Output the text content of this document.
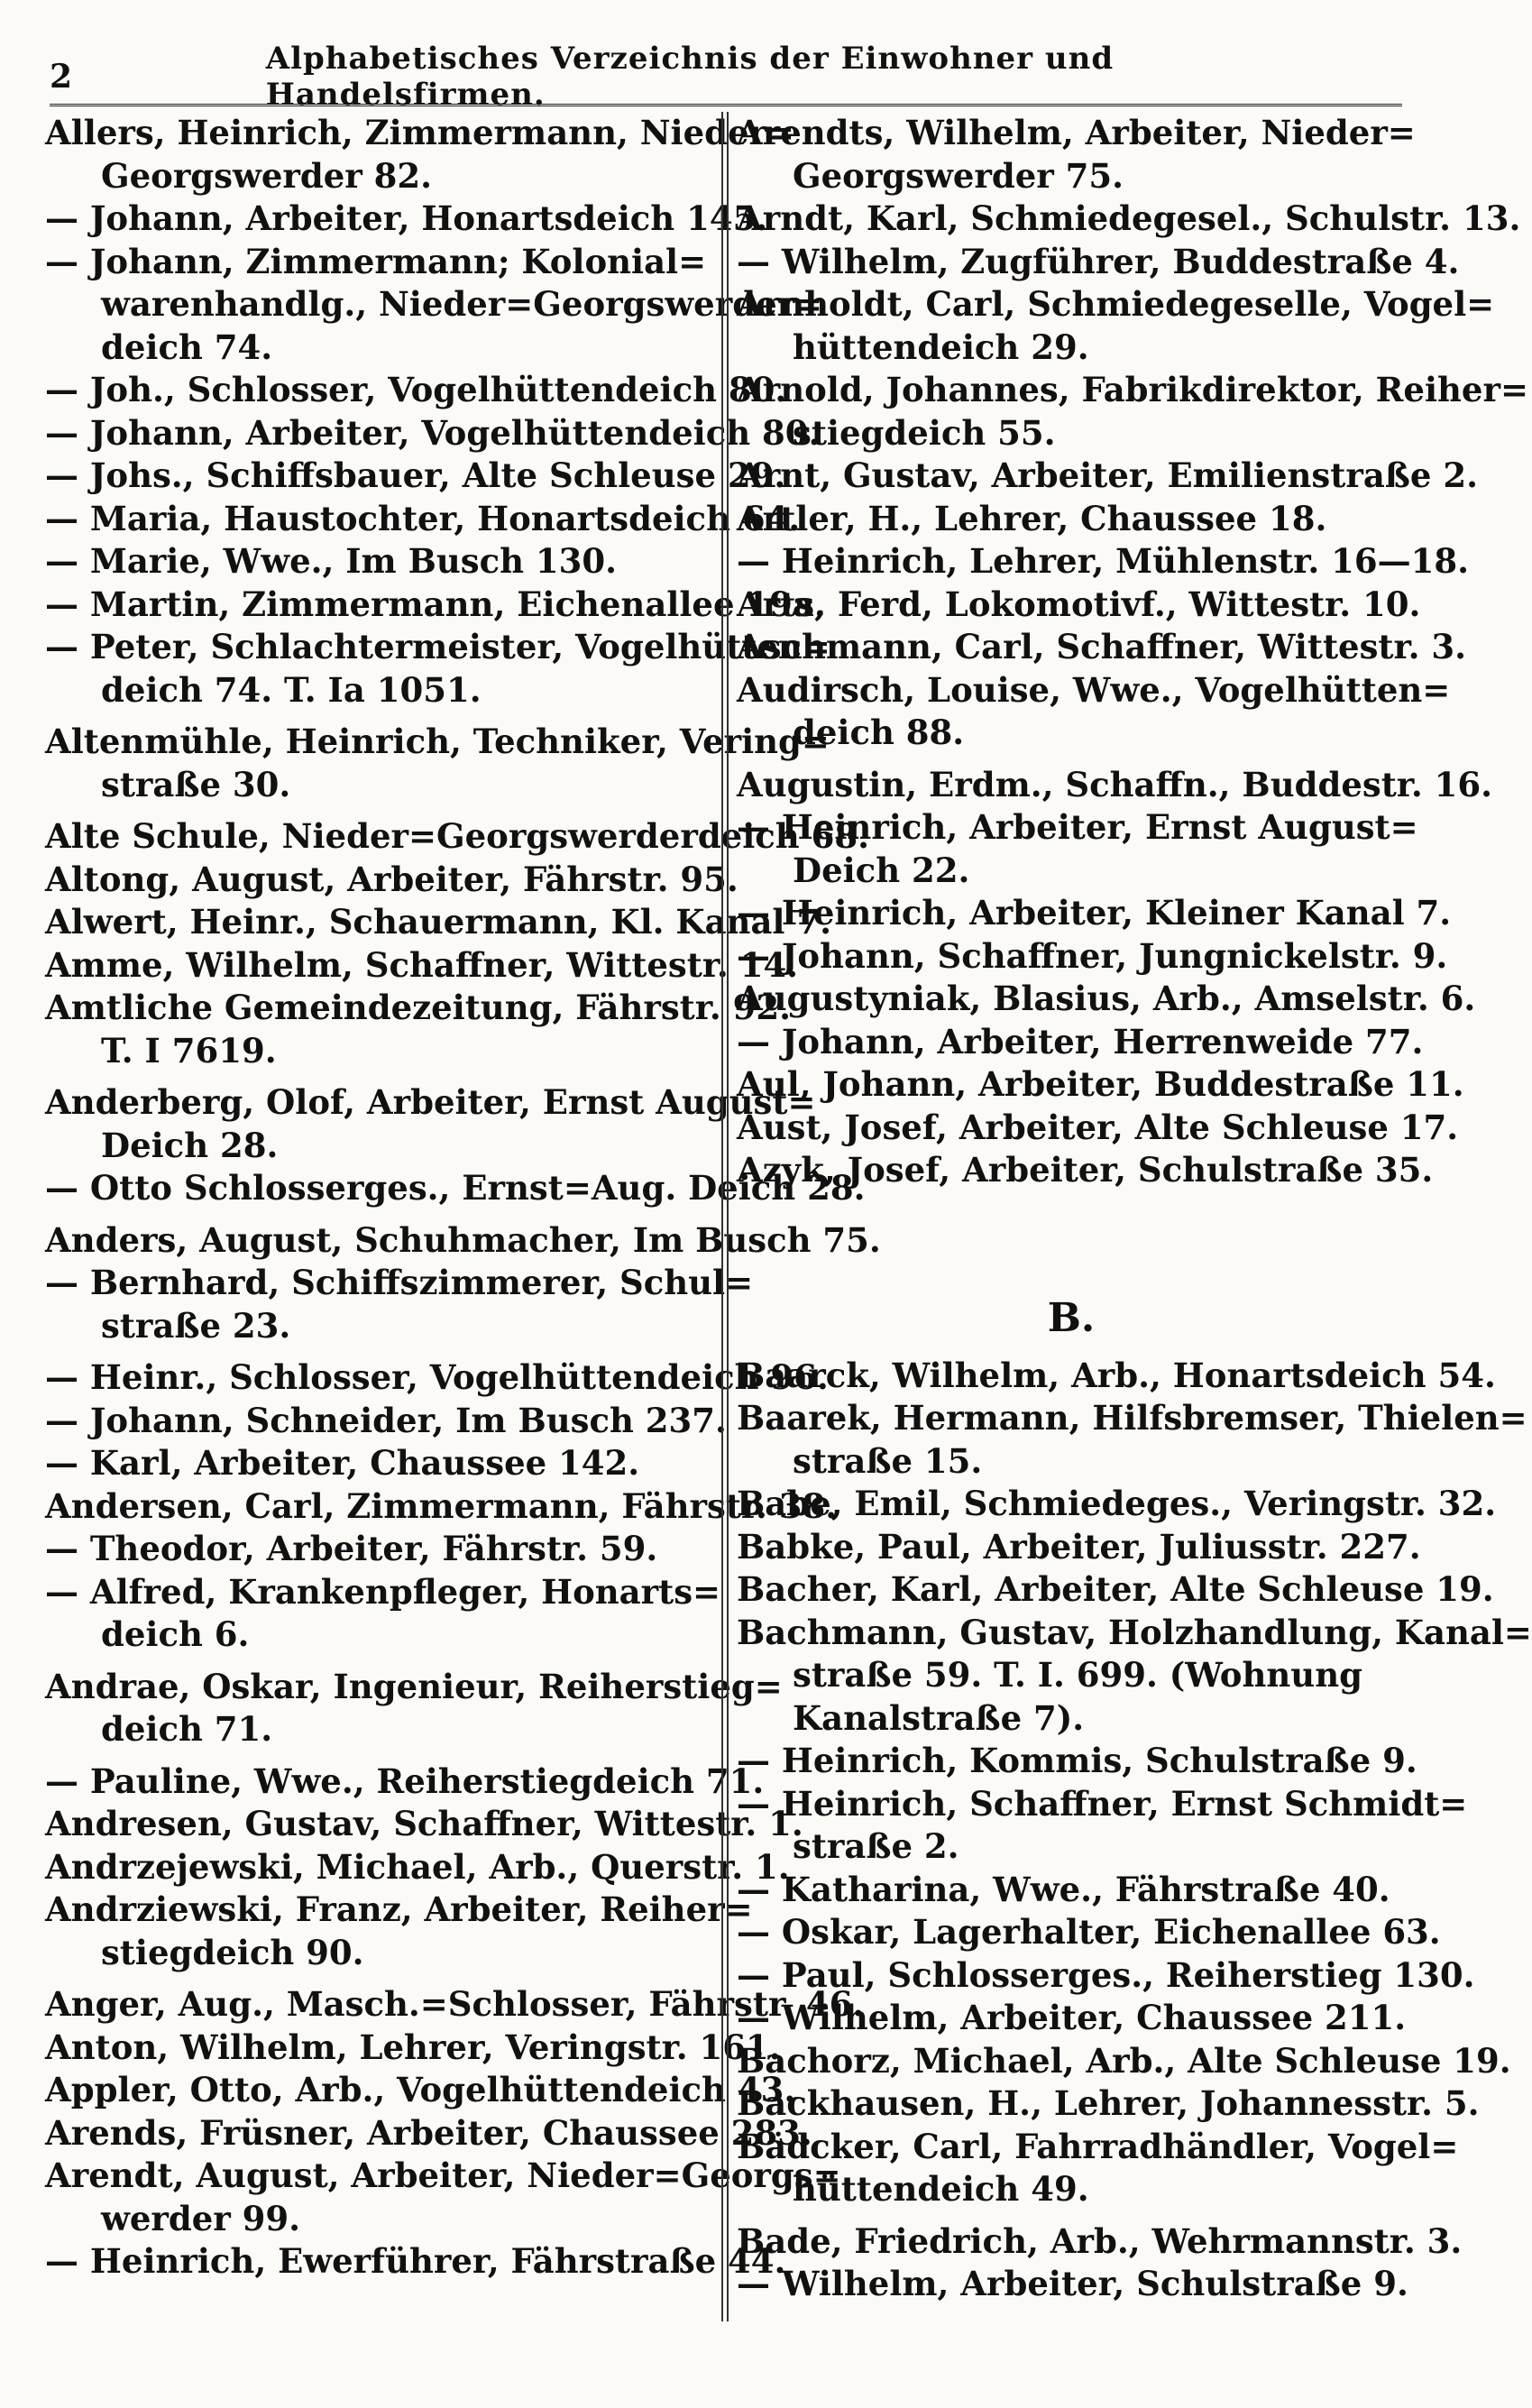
2	Alphabetisches Verzeichnis der Einwohner und Handelsfirmen.
Allers, Heinrich, Zimmermann, Nieder=
Georgswerder 82.
— Johann, Arbeiter, Honartsdeich 145.
— Johann, Zimmermann; Kolonial=
warenhandlg., Nieder=Georgswerder=
deich 74.
— Joh., Schlosser, Vogelhüttendeich 80.
— Johann, Arbeiter, Vogelhüttendeich 80.
— Johs., Schiffsbauer, Alte Schleuse 29.
— Maria, Haustochter, Honartsdeich 64.
— Marie, Wwe., Im Busch 130.
— Martin, Zimmermann, Eichenallee 19a.
— Peter, Schlachtermeister, Vogelhütten=
deich 74. T. Ia 1051.
Altenmühle, Heinrich, Techniker, Vering=
straße 30.
Alte Schule, Nieder=Georgswerderdeich 68.
Altong, August, Arbeiter, Fährstr. 95.
Alwert, Heinr., Schauermann, Kl. Kanal 7.
Amme, Wilhelm, Schaffner, Wittestr. 14.
Amtliche Gemeindezeitung, Fährstr. 92.
T. I 7619.
Anderberg, Olof, Arbeiter, Ernst August=
Deich 28.
— Otto Schlosserges., Ernst=Aug. Deich 28.
Anders, August, Schuhmacher, Im Busch 75.
— Bernhard, Schiffszimmerer, Schul=
straße 23.
— Heinr., Schlosser, Vogelhüttendeich 96.
— Johann, Schneider, Im Busch 237.
— Karl, Arbeiter, Chaussee 142.
Andersen, Carl, Zimmermann, Fährstr. 38.
— Theodor, Arbeiter, Fährstr. 59.
— Alfred, Krankenpfleger, Honarts=
deich 6.
Andrae, Oskar, Ingenieur, Reiherstieg=
deich 71.
— Pauline, Wwe., Reiherstiegdeich 71.
Andresen, Gustav, Schaffner, Wittestr. 1.
Andrzejewski, Michael, Arb., Querstr. 1.
Andrziewski, Franz, Arbeiter, Reiher=
stiegdeich 90.
Anger, Aug., Masch.=Schlosser, Fährstr. 46.
Anton, Wilhelm, Lehrer, Veringstr. 161.
Appler, Otto, Arb., Vogelhüttendeich 43.
Arends, Früsner, Arbeiter, Chaussee 283.
Arendt, August, Arbeiter, Nieder=Georgs=
werder 99.
— Heinrich, Ewerführer, Fährstraße 44.
Arendts, Wilhelm, Arbeiter, Nieder=
Georgswerder 75.
Arndt, Karl, Schmiedegesel., Schulstr. 13.
— Wilhelm, Zugführer, Buddestraße 4.
Arnholdt, Carl, Schmiedegeselle, Vogel=
hüttendeich 29.
Arnold, Johannes, Fabrikdirektor, Reiher=
stiegdeich 55.
Arnt, Gustav, Arbeiter, Emilienstraße 2.
Artler, H., Lehrer, Chaussee 18.
— Heinrich, Lehrer, Mühlenstr. 16—18.
Arts, Ferd, Lokomotivf., Wittestr. 10.
Aschmann, Carl, Schaffner, Wittestr. 3.
Audirsch, Louise, Wwe., Vogelhütten=
deich 88.
Augustin, Erdm., Schaffn., Buddestr. 16.
— Heinrich, Arbeiter, Ernst August=
Deich 22.
— Heinrich, Arbeiter, Kleiner Kanal 7.
— Johann, Schaffner, Jungnickelstr. 9.
Augustyniak, Blasius, Arb., Amselstr. 6.
— Johann, Arbeiter, Herrenweide 77.
Aul, Johann, Arbeiter, Buddestraße 11.
Aust, Josef, Arbeiter, Alte Schleuse 17.
Azyk, Josef, Arbeiter, Schulstraße 35.
B.
Baarck, Wilhelm, Arb., Honartsdeich 54.
Baarek, Hermann, Hilfsbremser, Thielen=
straße 15.
Babe, Emil, Schmiedeges., Veringstr. 32.
Babke, Paul, Arbeiter, Juliusstr. 227.
Bacher, Karl, Arbeiter, Alte Schleuse 19.
Bachmann, Gustav, Holzhandlung, Kanal=
straße 59. T. I. 699. (Wohnung
Kanalstraße 7).
— Heinrich, Kommis, Schulstraße 9.
— Heinrich, Schaffner, Ernst Schmidt=
straße 2.
— Katharina, Wwe., Fährstraße 40.
— Oskar, Lagerhalter, Eichenallee 63.
— Paul, Schlosserges., Reiherstieg 130.
— Wilhelm, Arbeiter, Chaussee 211.
Bachorz, Michael, Arb., Alte Schleuse 19.
Backhausen, H., Lehrer, Johannesstr. 5.
Bädcker, Carl, Fahrradhändler, Vogel=
hüttendeich 49.
Bade, Friedrich, Arb., Wehrmannstr. 3.
— Wilhelm, Arbeiter, Schulstraße 9.
